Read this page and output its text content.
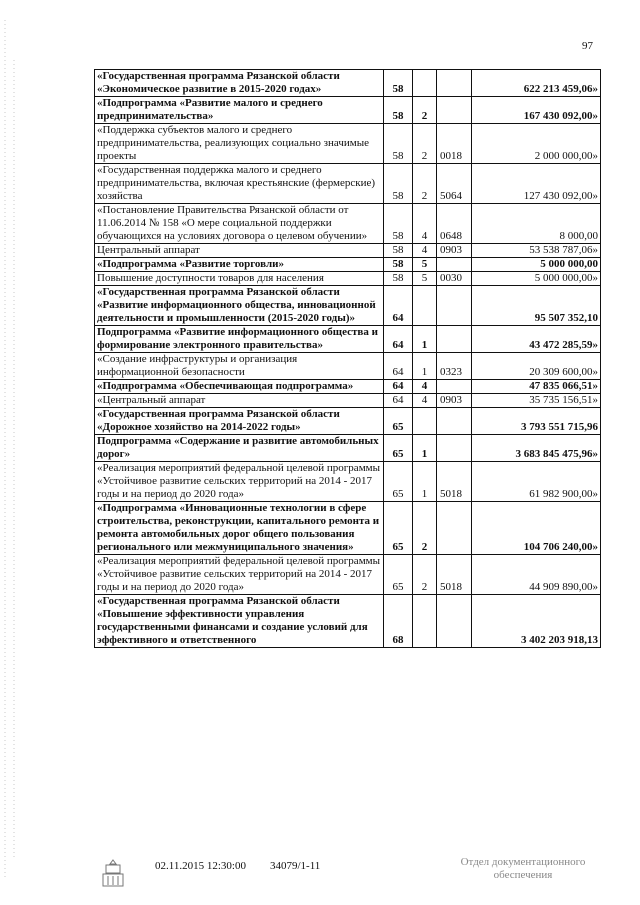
97
«Государственная программа Рязанской области «Экономическое развитие в 2015-2020 годах»	58			622 213 459,06»
«Подпрограмма «Развитие малого и среднего предпринимательства»	58	2		167 430 092,00»
«Поддержка субъектов малого и среднего предпринимательства, реализующих социально значимые проекты	58	2	0018	2 000 000,00»
«Государственная поддержка малого и среднего предпринимательства, включая крестьянские (фермерские) хозяйства	58	2	5064	127 430 092,00»
«Постановление Правительства Рязанской области от 11.06.2014 № 158 «О мере социальной поддержки обучающихся на условиях договора о целевом обучении»	58	4	0648	8 000,00
Центральный аппарат	58	4	0903	53 538 787,06»
«Подпрограмма «Развитие торговли»	58	5		5 000 000,00
Повышение доступности товаров для населения	58	5	0030	5 000 000,00»
«Государственная программа Рязанской области «Развитие информационного общества, инновационной деятельности и промышленности (2015-2020 годы)»	64			95 507 352,10
Подпрограмма «Развитие информационного общества и формирование электронного правительства»	64	1		43 472 285,59»
«Создание инфраструктуры и организация информационной безопасности	64	1	0323	20 309 600,00»
«Подпрограмма «Обеспечивающая подпрограмма»	64	4		47 835 066,51»
«Центральный аппарат	64	4	0903	35 735 156,51»
«Государственная программа Рязанской области «Дорожное хозяйство на 2014-2022 годы»	65			3 793 551 715,96
Подпрограмма «Содержание и развитие автомобильных дорог»	65	1		3 683 845 475,96»
«Реализация мероприятий федеральной целевой программы «Устойчивое развитие сельских территорий на 2014 - 2017 годы и на период до 2020 года»	65	1	5018	61 982 900,00»
«Подпрограмма «Инновационные технологии в сфере строительства, реконструкции, капитального ремонта и ремонта автомобильных дорог общего пользования регионального или межмуниципального значения»	65	2		104 706 240,00»
«Реализация мероприятий федеральной целевой программы «Устойчивое развитие сельских территорий на 2014 - 2017 годы и на период до 2020 года»	65	2	5018	44 909 890,00»
«Государственная программа Рязанской области «Повышение эффективности управления государственными финансами и создание условий для эффективного и ответственного	68			3 402 203 918,13
02.11.2015 12:30:00 34079/1-11	Отдел документационного обеспечения
